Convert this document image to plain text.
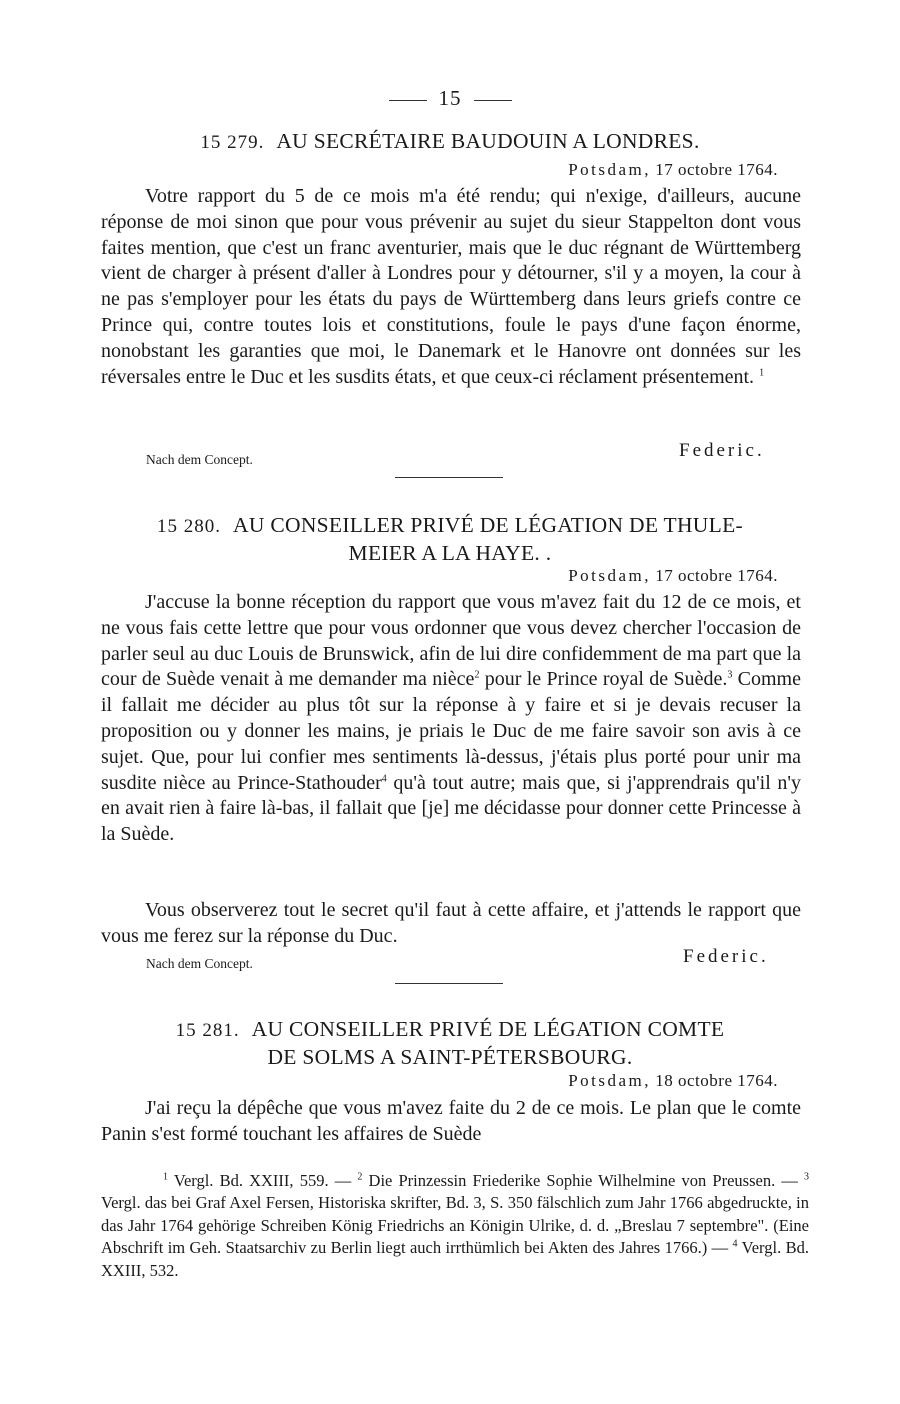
15
15 279. AU SECRÉTAIRE BAUDOUIN A LONDRES.
Potsdam, 17 octobre 1764.
Votre rapport du 5 de ce mois m'a été rendu; qui n'exige, d'ailleurs, aucune réponse de moi sinon que pour vous prévenir au sujet du sieur Stappelton dont vous faites mention, que c'est un franc aventurier, mais que le duc régnant de Württemberg vient de charger à présent d'aller à Londres pour y détourner, s'il y a moyen, la cour à ne pas s'employer pour les états du pays de Württemberg dans leurs griefs contre ce Prince qui, contre toutes lois et constitutions, foule le pays d'une façon énorme, nonobstant les garanties que moi, le Danemark et le Hanovre ont données sur les réversales entre le Duc et les susdits états, et que ceux-ci réclament présentement. $^1$
Nach dem Concept.	Federic.
15 280. AU CONSEILLER PRIVÉ DE LÉGATION DE THULE-
MEIER A LA HAYE. .
Potsdam, 17 octobre 1764.
J'accuse la bonne réception du rapport que vous m'avez fait du 12 de ce mois, et ne vous fais cette lettre que pour vous ordonner que vous devez chercher l'occasion de parler seul au duc Louis de Brunswick, afin de lui dire confidemment de ma part que la cour de Suède venait à me demander ma nièce$^2$ pour le Prince royal de Suède.$^3$ Comme il fallait me décider au plus tôt sur la réponse à y faire et si je devais recuser la proposition ou y donner les mains, je priais le Duc de me faire savoir son avis à ce sujet. Que, pour lui confier mes sentiments là-dessus, j'étais plus porté pour unir ma susdite nièce au Prince-Stathouder$^4$ qu'à tout autre; mais que, si j'apprendrais qu'il n'y en avait rien à faire là-bas, il fallait que [je] me décidasse pour donner cette Princesse à la Suède.
Vous observerez tout le secret qu'il faut à cette affaire, et j'attends le rapport que vous me ferez sur la réponse du Duc.
Nach dem Concept.	Federic.
15 281. AU CONSEILLER PRIVÉ DE LÉGATION COMTE
DE SOLMS A SAINT-PÉTERSBOURG.
Potsdam, 18 octobre 1764.
J'ai reçu la dépêche que vous m'avez faite du 2 de ce mois. Le plan que le comte Panin s'est formé touchant les affaires de Suède
$^1$ Vergl. Bd. XXIII, 559. — $^2$ Die Prinzessin Friederike Sophie Wilhelmine von Preussen. — $^3$ Vergl. das bei Graf Axel Fersen, Historiska skrifter, Bd. 3, S. 350 fälschlich zum Jahr 1766 abgedruckte, in das Jahr 1764 gehörige Schreiben König Friedrichs an Königin Ulrike, d. d. „Breslau 7 septembre". (Eine Abschrift im Geh. Staatsarchiv zu Berlin liegt auch irrthümlich bei Akten des Jahres 1766.) — $^4$ Vergl. Bd. XXIII, 532.
